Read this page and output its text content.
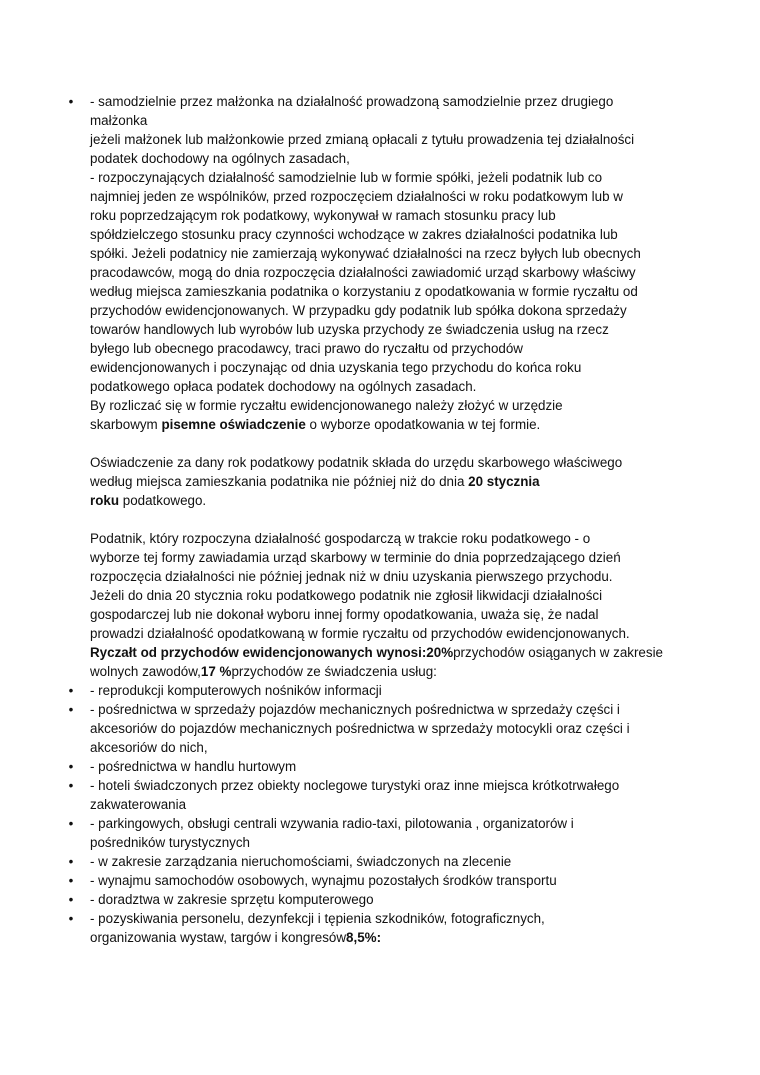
• - samodzielnie przez małżonka na działalność prowadzoną samodzielnie przez drugiego
małżonka
jeżeli małżonek lub małżonkowie przed zmianą opłacali z tytułu prowadzenia tej działalności
podatek dochodowy na ogólnych zasadach,
- rozpoczynających działalność samodzielnie lub w formie spółki, jeżeli podatnik lub co
najmniej jeden ze wspólników, przed rozpoczęciem działalności w roku podatkowym lub w
roku poprzedzającym rok podatkowy, wykonywał w ramach stosunku pracy lub
spółdzielczego stosunku pracy czynności wchodzące w zakres działalności podatnika lub
spółki. Jeżeli podatnicy nie zamierzają wykonywać działalności na rzecz byłych lub obecnych
pracodawców, mogą do dnia rozpoczęcia działalności zawiadomić urząd skarbowy właściwy
według miejsca zamieszkania podatnika o korzystaniu z opodatkowania w formie ryczałtu od
przychodów ewidencjonowanych. W przypadku gdy podatnik lub spółka dokona sprzedaży
towarów handlowych lub wyrobów lub uzyska przychody ze świadczenia usług na rzecz
byłego lub obecnego pracodawcy, traci prawo do ryczałtu od przychodów
ewidencjonowanych i poczynając od dnia uzyskania tego przychodu do końca roku
podatkowego opłaca podatek dochodowy na ogólnych zasadach.
By rozliczać się w formie ryczałtu ewidencjonowanego należy złożyć w urzędzie
skarbowym pisemne oświadczenie o wyborze opodatkowania w tej formie.
Oświadczenie za dany rok podatkowy podatnik składa do urzędu skarbowego właściwego
według miejsca zamieszkania podatnika nie później niż do dnia 20 stycznia
roku podatkowego.
Podatnik, który rozpoczyna działalność gospodarczą w trakcie roku podatkowego - o
wyborze tej formy zawiadamia urząd skarbowy w terminie do dnia poprzedzającego dzień
rozpoczęcia działalności nie później jednak niż w dniu uzyskania pierwszego przychodu.
Jeżeli do dnia 20 stycznia roku podatkowego podatnik nie zgłosił likwidacji działalności
gospodarczej lub nie dokonał wyboru innej formy opodatkowania, uważa się, że nadal
prowadzi działalność opodatkowaną w formie ryczałtu od przychodów ewidencjonowanych.
Ryczałt od przychodów ewidencjonowanych wynosi:20%przychodów osiąganych w zakresie
wolnych zawodów,17 %przychodów ze świadczenia usług:
• - reprodukcji komputerowych nośników informacji
• - pośrednictwa w sprzedaży pojazdów mechanicznych pośrednictwa w sprzedaży części i
akcesoriów do pojazdów mechanicznych pośrednictwa w sprzedaży motocykli oraz części i
akcesoriów do nich,
• - pośrednictwa w handlu hurtowym
• - hoteli świadczonych przez obiekty noclegowe turystyki oraz inne miejsca krótkotrwałego
zakwaterowania
• - parkingowych, obsługi centrali wzywania radio-taxi, pilotowania , organizatorów i
pośredników turystycznych
• - w zakresie zarządzania nieruchomościami, świadczonych na zlecenie
• - wynajmu samochodów osobowych, wynajmu pozostałych środków transportu
• - doradztwa w zakresie sprzętu komputerowego
• - pozyskiwania personelu, dezynfekcji i tępienia szkodników, fotograficznych,
organizowania wystaw, targów i kongresów8,5%:
